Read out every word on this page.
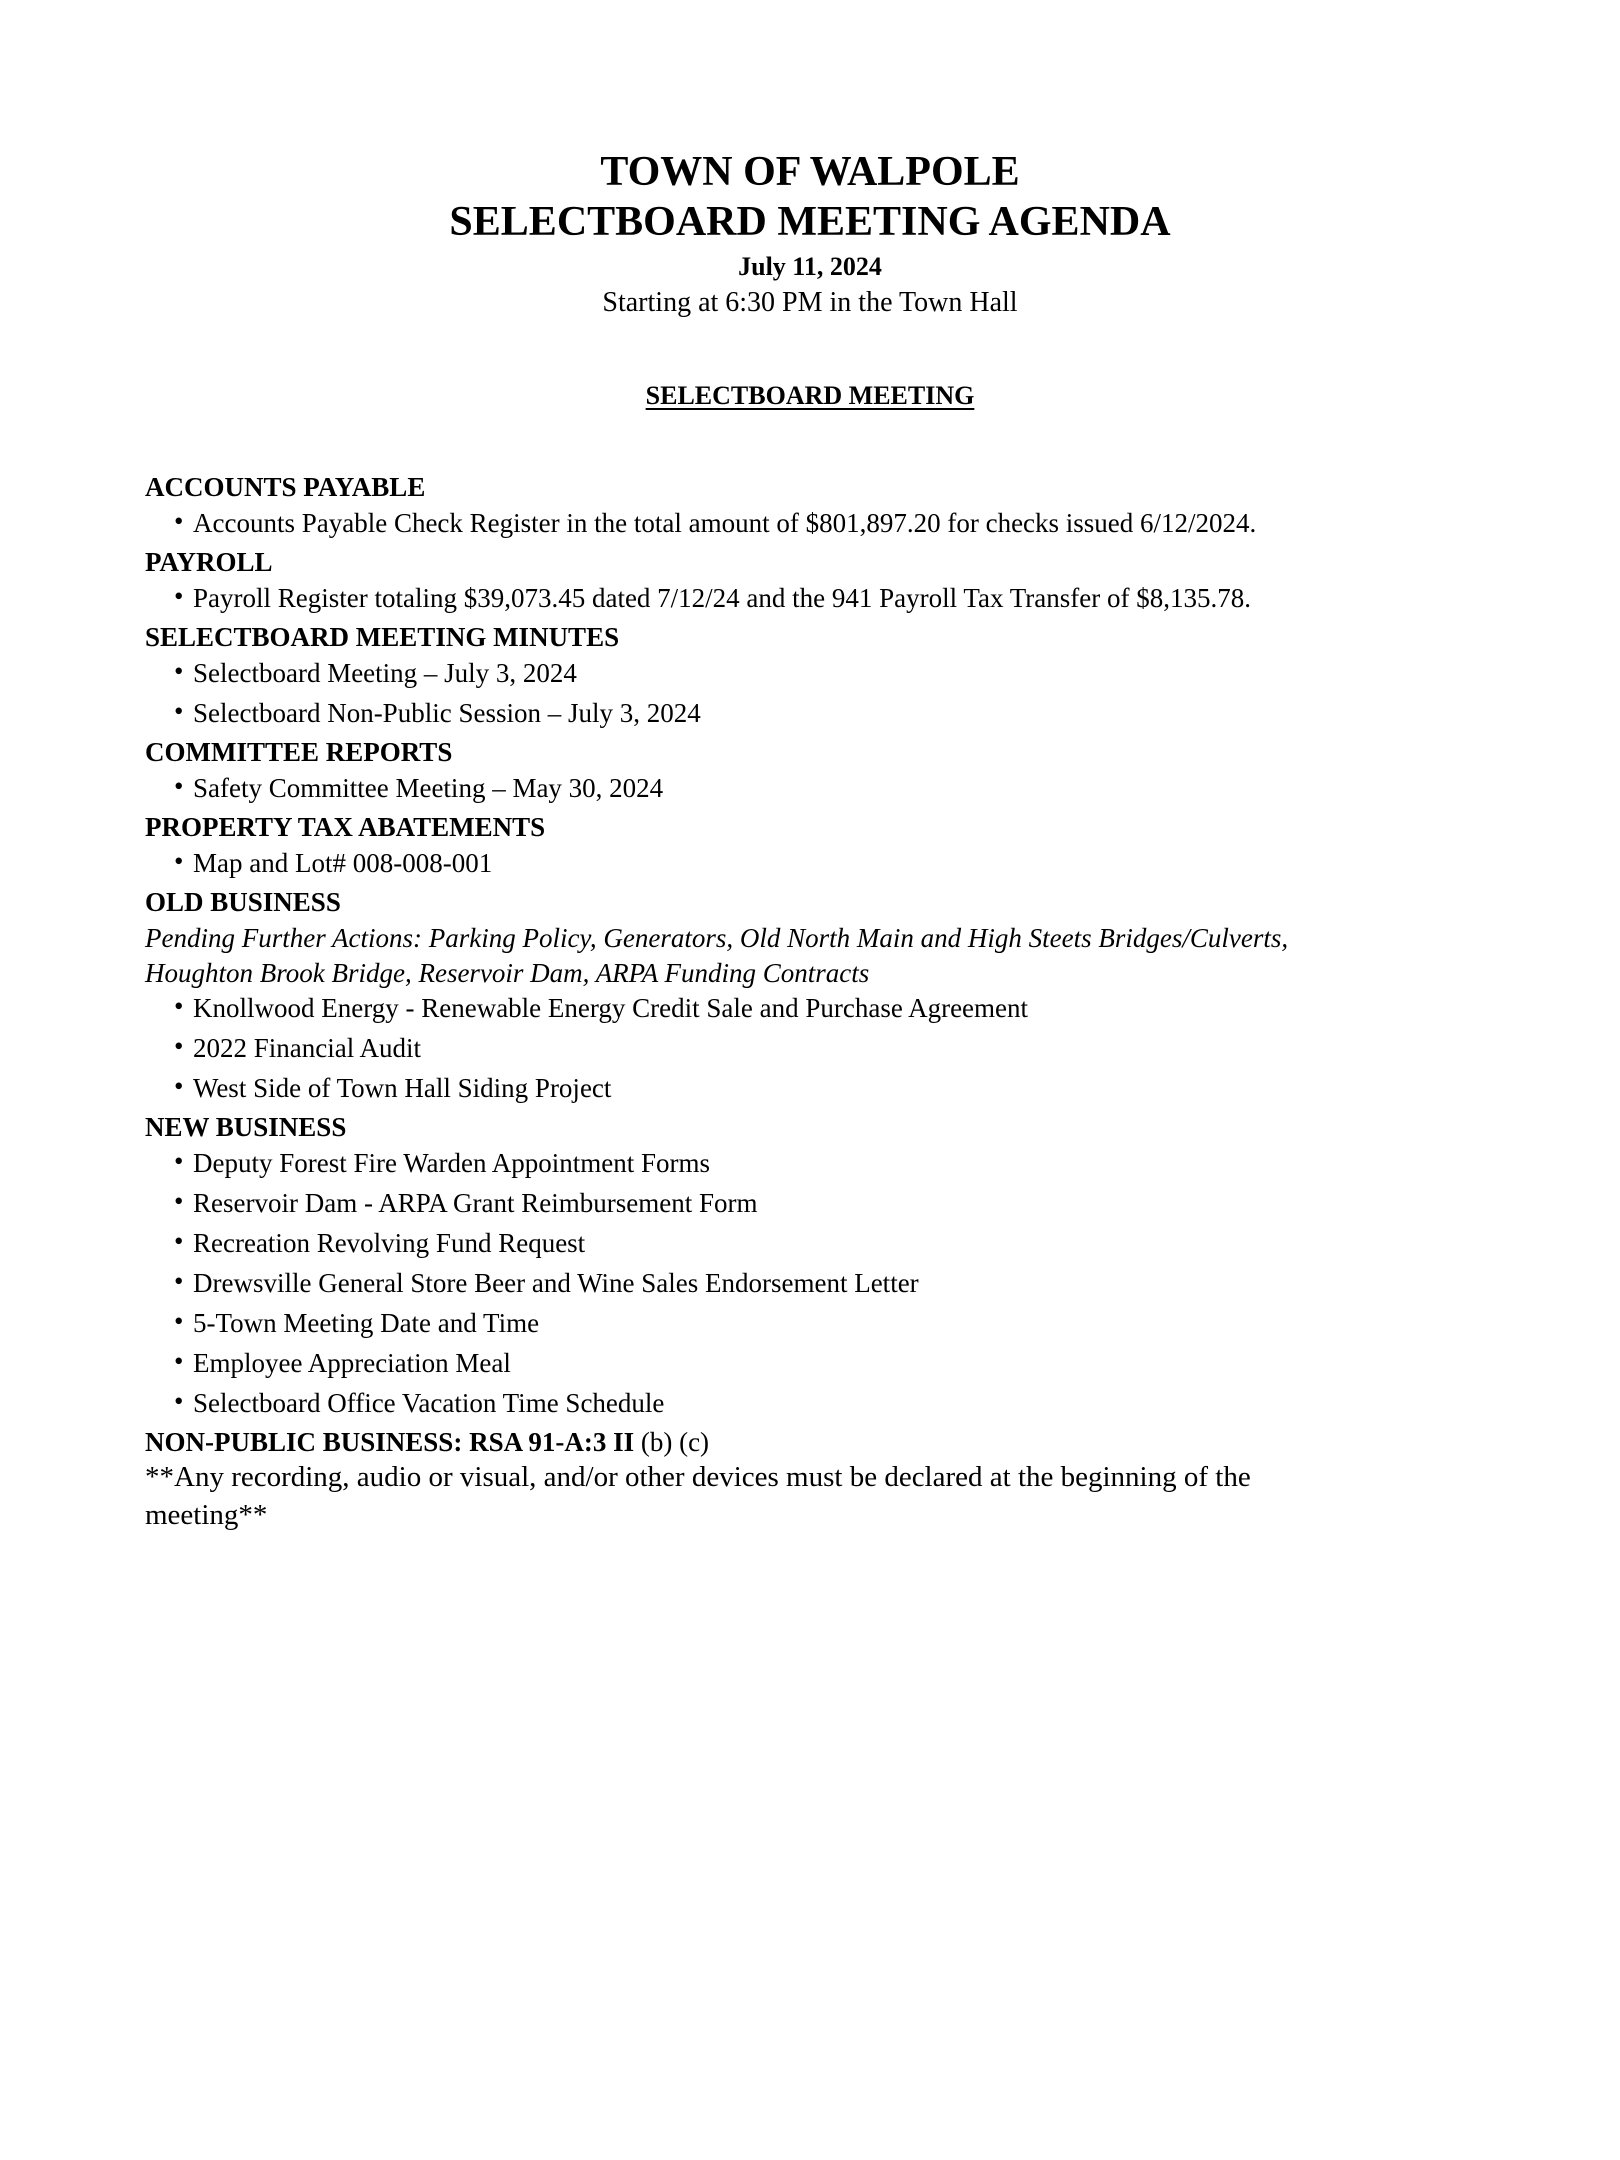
TOWN OF WALPOLE
SELECTBOARD MEETING AGENDA
July 11, 2024
Starting at 6:30 PM in the Town Hall
SELECTBOARD MEETING
ACCOUNTS PAYABLE
• Accounts Payable Check Register in the total amount of $801,897.20 for checks issued 6/12/2024.
PAYROLL
• Payroll Register totaling $39,073.45 dated 7/12/24 and the 941 Payroll Tax Transfer of $8,135.78.
SELECTBOARD MEETING MINUTES
• Selectboard Meeting – July 3, 2024
• Selectboard Non-Public Session – July 3, 2024
COMMITTEE REPORTS
• Safety Committee Meeting – May 30, 2024
PROPERTY TAX ABATEMENTS
• Map and Lot# 008-008-001
OLD BUSINESS
Pending Further Actions: Parking Policy, Generators, Old North Main and High Steets Bridges/Culverts,
Houghton Brook Bridge, Reservoir Dam, ARPA Funding Contracts
• Knollwood Energy - Renewable Energy Credit Sale and Purchase Agreement
• 2022 Financial Audit
• West Side of Town Hall Siding Project
NEW BUSINESS
• Deputy Forest Fire Warden Appointment Forms
• Reservoir Dam - ARPA Grant Reimbursement Form
• Recreation Revolving Fund Request
• Drewsville General Store Beer and Wine Sales Endorsement Letter
• 5-Town Meeting Date and Time
• Employee Appreciation Meal
• Selectboard Office Vacation Time Schedule
NON-PUBLIC BUSINESS: RSA 91-A:3 II (b) (c)
**Any recording, audio or visual, and/or other devices must be declared at the beginning of the
meeting**
